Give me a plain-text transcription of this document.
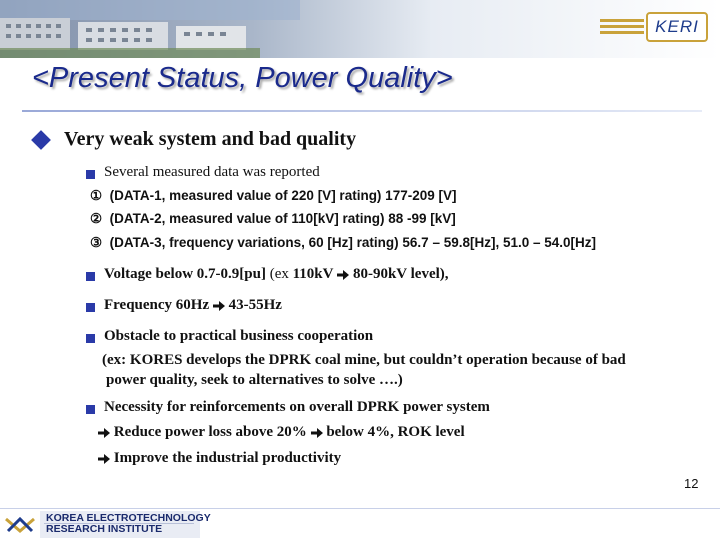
KERI
<Present Status, Power Quality>
Very weak system and bad quality
Several measured data was reported
① (DATA-1, measured value of 220 [V] rating) 177-209 [V]
② (DATA-2, measured value of 110[kV] rating) 88 -99 [kV]
③ (DATA-3, frequency variations, 60 [Hz] rating) 56.7 – 59.8[Hz], 51.0 – 54.0[Hz]
Voltage below 0.7-0.9[pu] (ex 110kV  80-90kV level),
Frequency 60Hz  43-55Hz
Obstacle to practical business cooperation
(ex: KORES develops the DPRK coal mine, but couldn’t operation because of bad
power quality, seek to alternatives to solve ….)
Necessity for reinforcements on overall DPRK power system
Reduce power loss above 20%  below 4%, ROK level
Improve the industrial productivity
12
KOREA ELECTROTECHNOLOGY
RESEARCH INSTITUTE
